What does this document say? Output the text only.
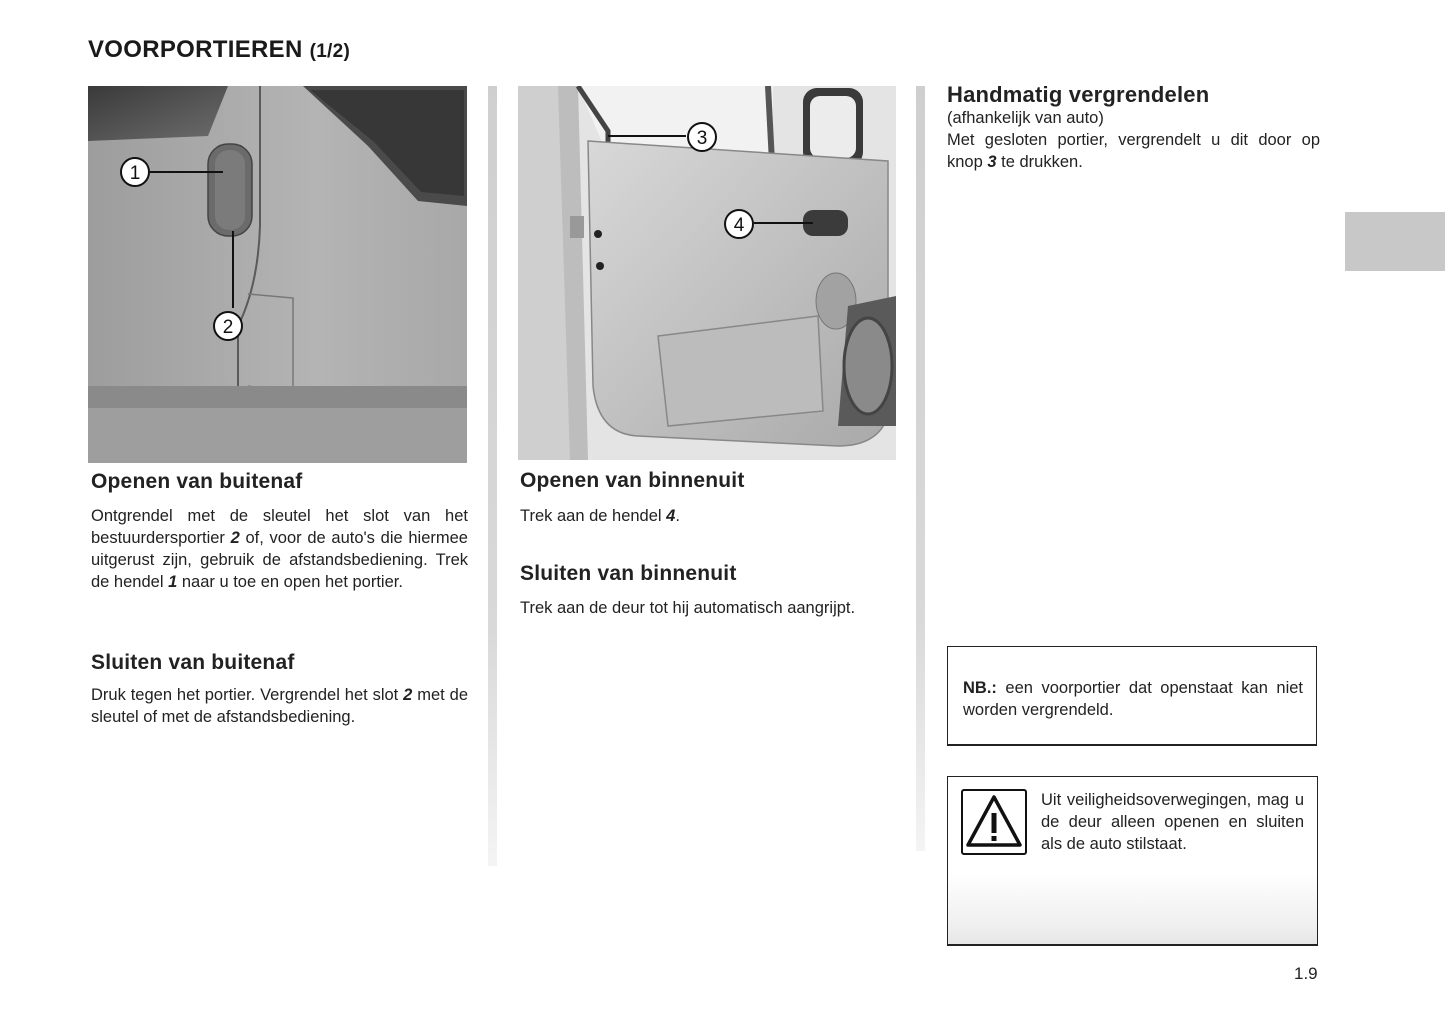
VOORPORTIEREN (1/2)
1
2
3
4
Openen van buitenaf

Ontgrendel met de sleutel het slot van het bestuurdersportier 2 of, voor de auto's die hiermee uitgerust zijn, gebruik de afstandsbediening. Trek de hendel 1 naar u toe en open het portier.

Sluiten van buitenaf

Druk tegen het portier. Vergrendel het slot 2 met de sleutel of met de afstandsbediening.

Openen van binnenuit

Trek aan de hendel 4.

Sluiten van binnenuit

Trek aan de deur tot hij automatisch aangrijpt.

Handmatig vergrendelen

(afhankelijk van auto)

Met gesloten portier, vergrendelt u dit door op knop 3 te drukken.

NB.: een voorportier dat openstaat kan niet worden vergrendeld.

Uit veiligheidsoverwegingen, mag u de deur alleen openen en sluiten als de auto stilstaat.

1.9
